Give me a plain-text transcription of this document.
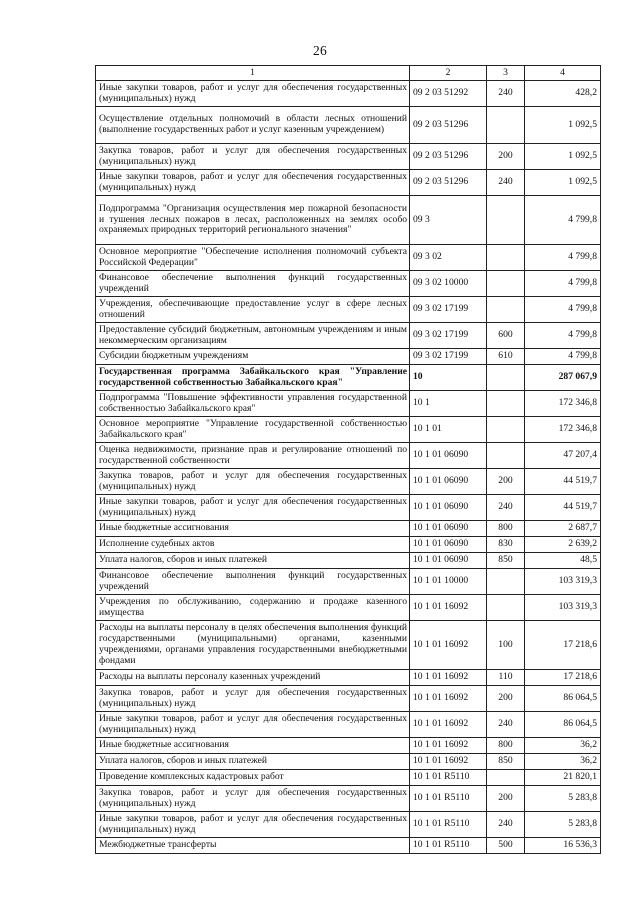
26
1	2	3	4
Иные закупки товаров, работ и услуг для обеспечения государственных (муниципальных) нужд	09 2 03 51292	240	428,2
Осуществление отдельных полномочий в области лесных отношений (выполнение государственных работ и услуг казенным учреждением)	09 2 03 51296		1 092,5
Закупка товаров, работ и услуг для обеспечения государственных (муниципальных) нужд	09 2 03 51296	200	1 092,5
Иные закупки товаров, работ и услуг для обеспечения государственных (муниципальных) нужд	09 2 03 51296	240	1 092,5
Подпрограмма "Организация осуществления мер пожарной безопасности и тушения лесных пожаров в лесах, расположенных на землях особо охраняемых природных территорий регионального значения"	09 3		4 799,8
Основное мероприятие "Обеспечение исполнения полномочий субъекта Российской Федерации"	09 3 02		4 799,8
Финансовое обеспечение выполнения функций государственных учреждений	09 3 02 10000		4 799,8
Учреждения, обеспечивающие предоставление услуг в сфере лесных отношений	09 3 02 17199		4 799,8
Предоставление субсидий бюджетным, автономным учреждениям и иным некоммерческим организациям	09 3 02 17199	600	4 799,8
Субсидии бюджетным учреждениям	09 3 02 17199	610	4 799,8
Государственная программа Забайкальского края "Управление государственной собственностью Забайкальского края"	10		287 067,9
Подпрограмма "Повышение эффективности управления государственной собственностью Забайкальского края"	10 1		172 346,8
Основное мероприятие "Управление государственной собственностью Забайкальского края"	10 1 01		172 346,8
Оценка недвижимости, признание прав и регулирование отношений по государственной собственности	10 1 01 06090		47 207,4
Закупка товаров, работ и услуг для обеспечения государственных (муниципальных) нужд	10 1 01 06090	200	44 519,7
Иные закупки товаров, работ и услуг для обеспечения государственных (муниципальных) нужд	10 1 01 06090	240	44 519,7
Иные бюджетные ассигнования	10 1 01 06090	800	2 687,7
Исполнение судебных актов	10 1 01 06090	830	2 639,2
Уплата налогов, сборов и иных платежей	10 1 01 06090	850	48,5
Финансовое обеспечение выполнения функций государственных учреждений	10 1 01 10000		103 319,3
Учреждения по обслуживанию, содержанию и продаже казенного имущества	10 1 01 16092		103 319,3
Расходы на выплаты персоналу в целях обеспечения выполнения функций государственными (муниципальными) органами, казенными учреждениями, органами управления государственными внебюджетными фондами	10 1 01 16092	100	17 218,6
Расходы на выплаты персоналу казенных учреждений	10 1 01 16092	110	17 218,6
Закупка товаров, работ и услуг для обеспечения государственных (муниципальных) нужд	10 1 01 16092	200	86 064,5
Иные закупки товаров, работ и услуг для обеспечения государственных (муниципальных) нужд	10 1 01 16092	240	86 064,5
Иные бюджетные ассигнования	10 1 01 16092	800	36,2
Уплата налогов, сборов и иных платежей	10 1 01 16092	850	36,2
Проведение комплексных кадастровых работ	10 1 01 R5110		21 820,1
Закупка товаров, работ и услуг для обеспечения государственных (муниципальных) нужд	10 1 01 R5110	200	5 283,8
Иные закупки товаров, работ и услуг для обеспечения государственных (муниципальных) нужд	10 1 01 R5110	240	5 283,8
Межбюджетные трансферты	10 1 01 R5110	500	16 536,3
